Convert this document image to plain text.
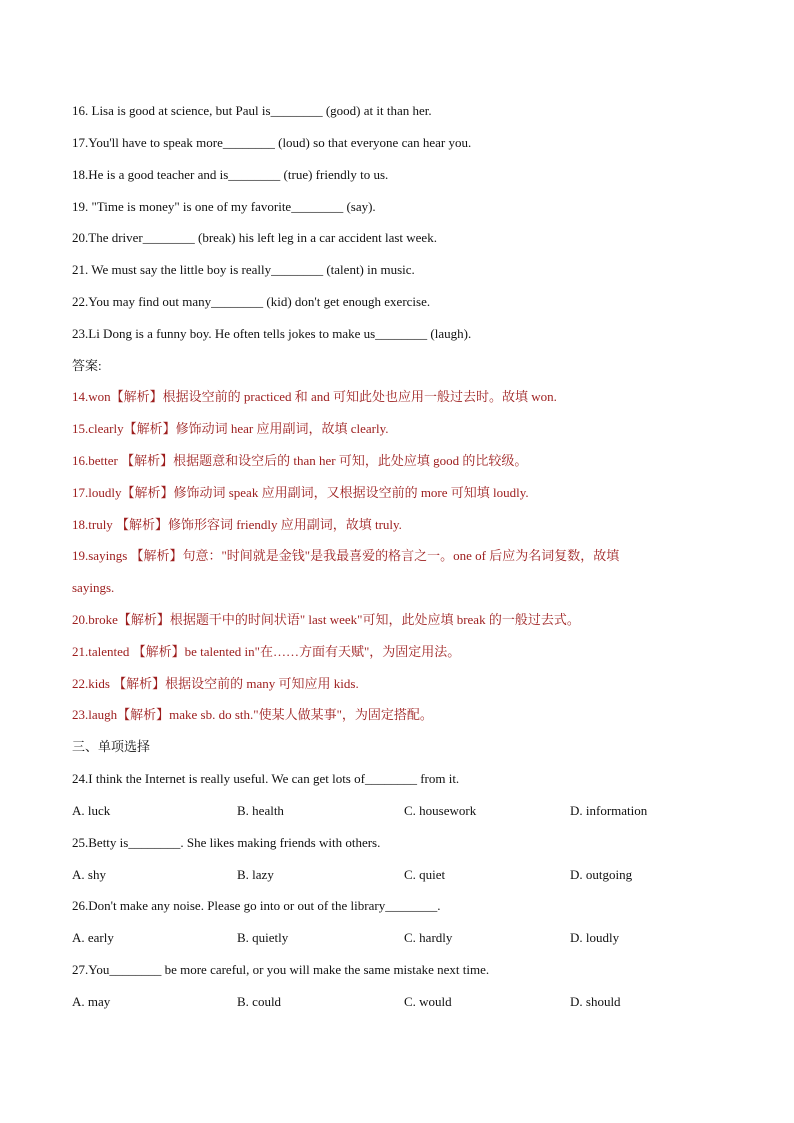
16. Lisa is good at science, but Paul is________ (good) at it than her.
17.You'll have to speak more________ (loud) so that everyone can hear you.
18.He is a good teacher and is________ (true) friendly to us.
19. "Time is money" is one of my favorite________ (say).
20.The driver________ (break) his left leg in a car accident last week.
21. We must say the little boy is really________ (talent) in music.
22.You may find out many________ (kid) don't get enough exercise.
23.Li Dong is a funny boy. He often tells jokes to make us________ (laugh).
答案:
14.won【解析】根据设空前的 practiced 和 and 可知此处也应用一般过去时。故填 won.
15.clearly【解析】修饰动词 hear 应用副词，故填 clearly.
16.better 【解析】根据题意和设空后的 than her 可知，此处应填 good 的比较级。
17.loudly【解析】修饰动词 speak 应用副词，又根据设空前的 more 可知填 loudly.
18.truly 【解析】修饰形容词 friendly 应用副词，故填 truly.
19.sayings 【解析】句意："时间就是金钱"是我最喜爱的格言之一。one of 后应为名词复数，故填
sayings.
20.broke【解析】根据题干中的时间状语" last week"可知，此处应填 break 的一般过去式。
21.talented 【解析】be talented in"在……方面有天赋"，为固定用法。
22.kids 【解析】根据设空前的 many 可知应用 kids.
23.laugh【解析】make sb. do sth."使某人做某事"，为固定搭配。
三、单项选择
24.I think the Internet is really useful. We can get lots of________ from it.
A. luck	B. health	C. housework	D. information
25.Betty is________. She likes making friends with others.
A. shy	B. lazy	C. quiet	D. outgoing
26.Don't make any noise. Please go into or out of the library________.
A. early	B. quietly	C. hardly	D. loudly
27.You________ be more careful, or you will make the same mistake next time.
A. may	B. could	C. would	D. should
